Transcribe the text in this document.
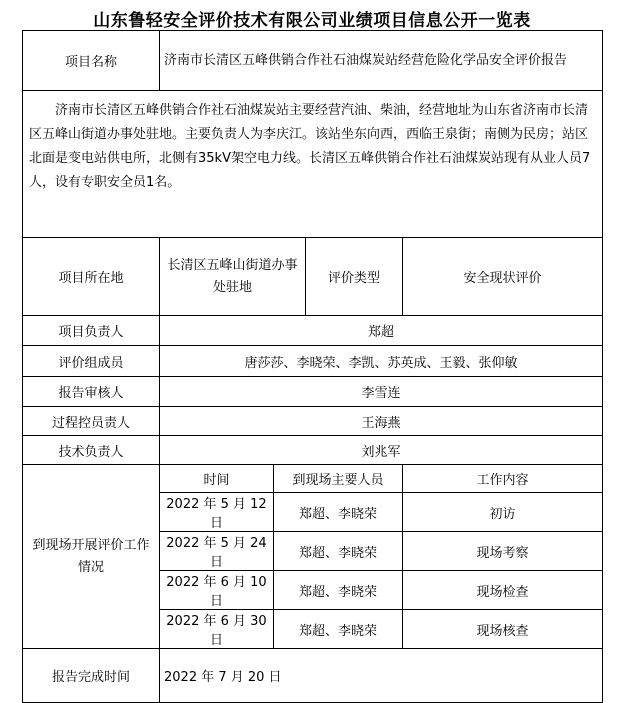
山东鲁轻安全评价技术有限公司业绩项目信息公开一览表
项目名称	济南市长清区五峰供销合作社石油煤炭站经营危险化学品安全评价报告			
济南市长清区五峰供销合作社石油煤炭站主要经营汽油、柴油，经营地址为山东省济南市长清区五峰山街道办事处驻地。主要负责人为李庆江。该站坐东向西，西临王泉街；南侧为民房；站区北面是变电站供电所，北侧有35kV架空电力线。长清区五峰供销合作社石油煤炭站现有从业人员7人，设有专职安全员1名。				
项目所在地	长清区五峰山街道办事处驻地		评价类型	安全现状评价
项目负责人	郑超			
评价组成员	唐莎莎、李晓荣、李凯、苏英成、王毅、张仰敏			
报告审核人	李雪连			
过程控员责人	王海燕			
技术负责人	刘兆军			
到现场开展评价工作情况	时间	到现场主要人员		工作内容
	2022 年 5 月 12 日	郑超、李晓荣		初访
	2022 年 5 月 24 日	郑超、李晓荣		现场考察
	2022 年 6 月 10 日	郑超、李晓荣		现场检查
	2022 年 6 月 30 日	郑超、李晓荣		现场核查
报告完成时间	2022 年 7 月 20 日			
